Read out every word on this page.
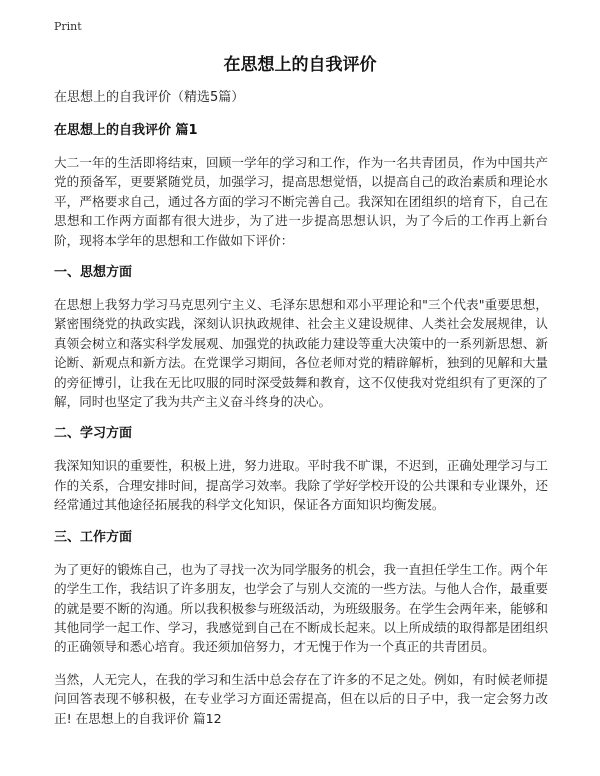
Print
在思想上的自我评价

在思想上的自我评价（精选5篇）

在思想上的自我评价 篇1

大二一年的生活即将结束，回顾一学年的学习和工作，作为一名共青团员，作为中国共产党的预备军，更要紧随党员，加强学习，提高思想觉悟，以提高自己的政治素质和理论水平，严格要求自己，通过各方面的学习不断完善自己。我深知在团组织的培育下，自己在思想和工作两方面都有很大进步，为了进一步提高思想认识，为了今后的工作再上新台阶，现将本学年的思想和工作做如下评价：

一、思想方面

在思想上我努力学习马克思列宁主义、毛泽东思想和邓小平理论和"三个代表"重要思想，紧密围绕党的执政实践，深刻认识执政规律、社会主义建设规律、人类社会发展规律，认真领会树立和落实科学发展观、加强党的执政能力建设等重大决策中的一系列新思想、新论断、新观点和新方法。在党课学习期间，各位老师对党的精辟解析，独到的见解和大量的旁征博引，让我在无比叹服的同时深受鼓舞和教育，这不仅使我对党组织有了更深的了解，同时也坚定了我为共产主义奋斗终身的决心。

二、学习方面

我深知知识的重要性，积极上进，努力进取。平时我不旷课，不迟到，正确处理学习与工作的关系，合理安排时间，提高学习效率。我除了学好学校开设的公共课和专业课外，还经常通过其他途径拓展我的科学文化知识，保证各方面知识均衡发展。

三、工作方面

为了更好的锻炼自己，也为了寻找一次为同学服务的机会，我一直担任学生工作。两个年的学生工作，我结识了许多朋友，也学会了与别人交流的一些方法。与他人合作，最重要的就是要不断的沟通。所以我积极参与班级活动，为班级服务。在学生会两年来，能够和其他同学一起工作、学习，我感觉到自己在不断成长起来。以上所成绩的取得都是团组织的正确领导和悉心培育。我还须加倍努力，才无愧于作为一个真正的共青团员。

当然，人无完人，在我的学习和生活中总会存在了许多的不足之处。例如，有时候老师提问回答表现不够积极，在专业学习方面还需提高，但在以后的日子中，我一定会努力改正! 在思想上的自我评价 篇12
